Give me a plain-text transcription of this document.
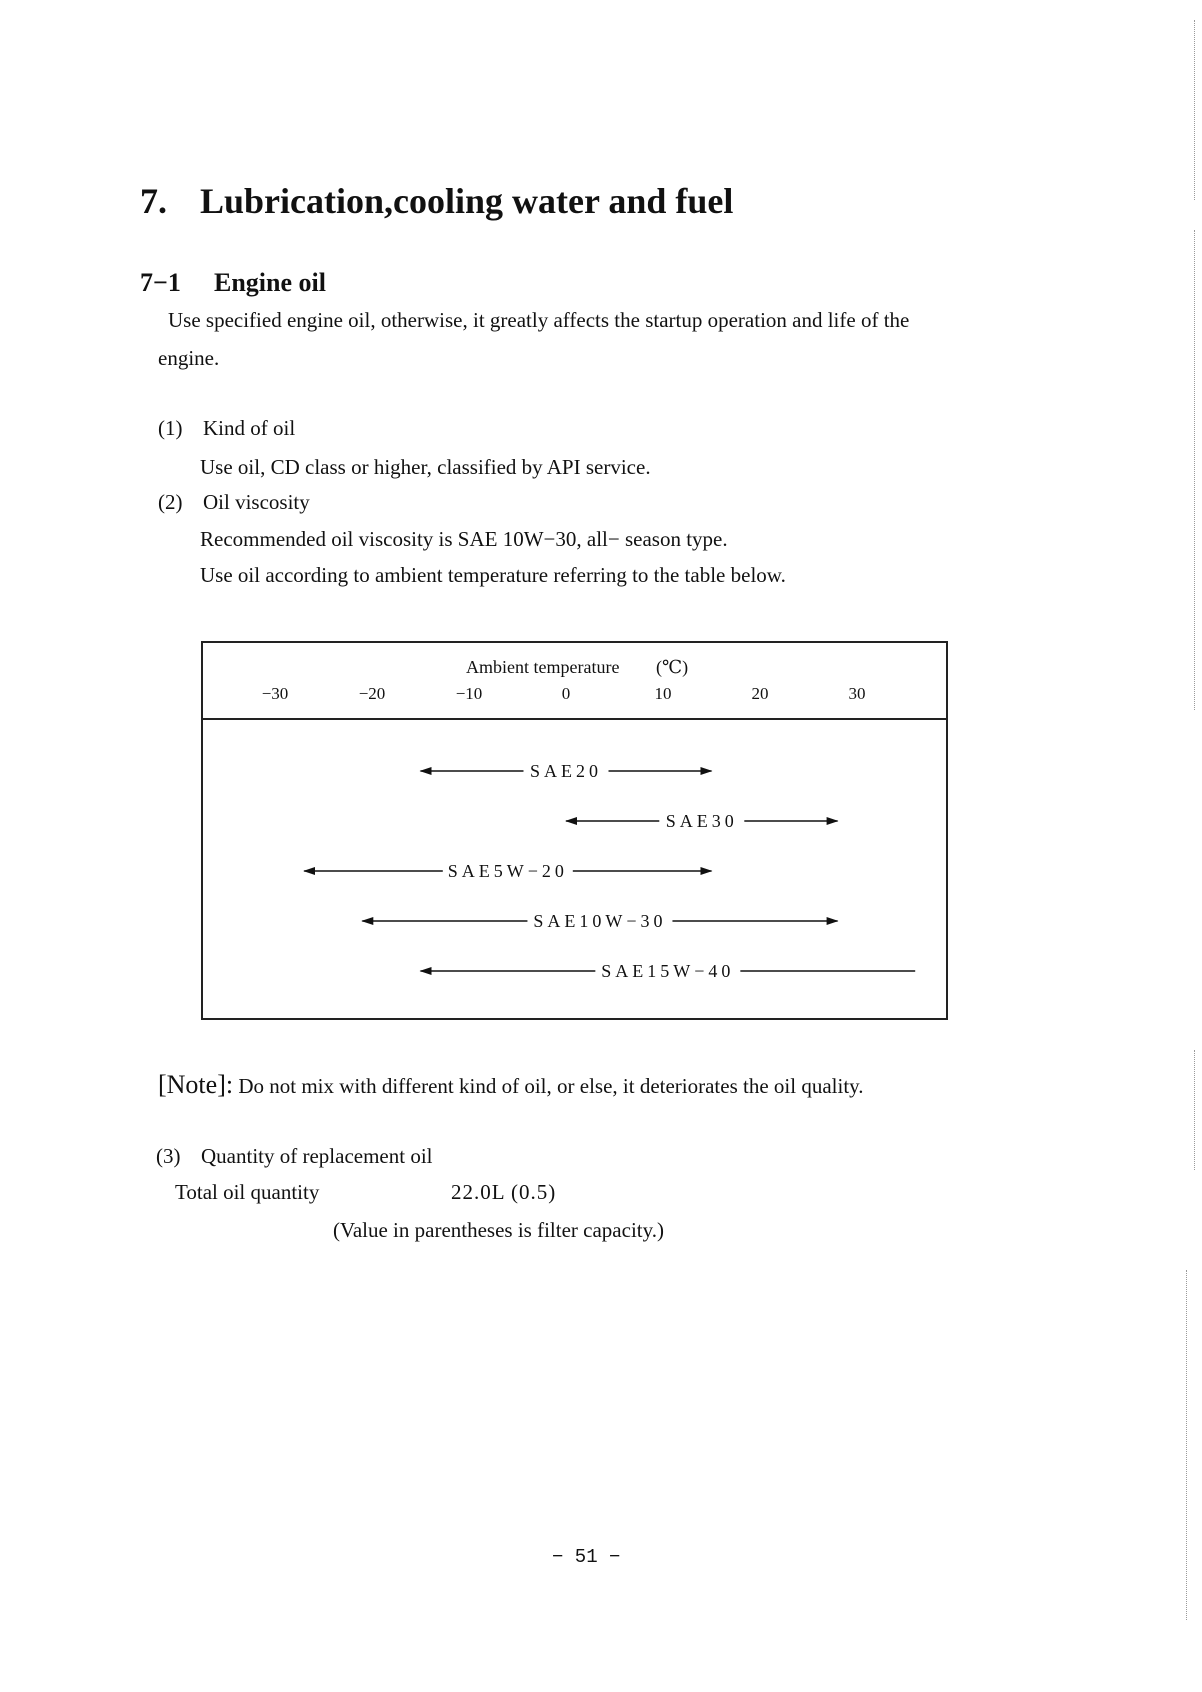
7. Lubrication,cooling water and fuel
7−1 Engine oil
Use specified engine oil, otherwise, it greatly affects the startup operation and life of the
engine.
(1) Kind of oil
Use oil, CD class or higher, classified by API service.
(2) Oil viscosity
Recommended oil viscosity is SAE 10W−30, all− season type.
Use oil according to ambient temperature referring to the table below.
Ambient temperature (℃)
−30	−20	−10	0	10	20	30
SAE20
SAE30
SAE5W−20
SAE10W−30
SAE15W−40
[Note]: Do not mix with different kind of oil, or else, it deteriorates the oil quality.
(3) Quantity of replacement oil
Total oil quantity	22.0L (0.5)
(Value in parentheses is filter capacity.)
− 51 −
